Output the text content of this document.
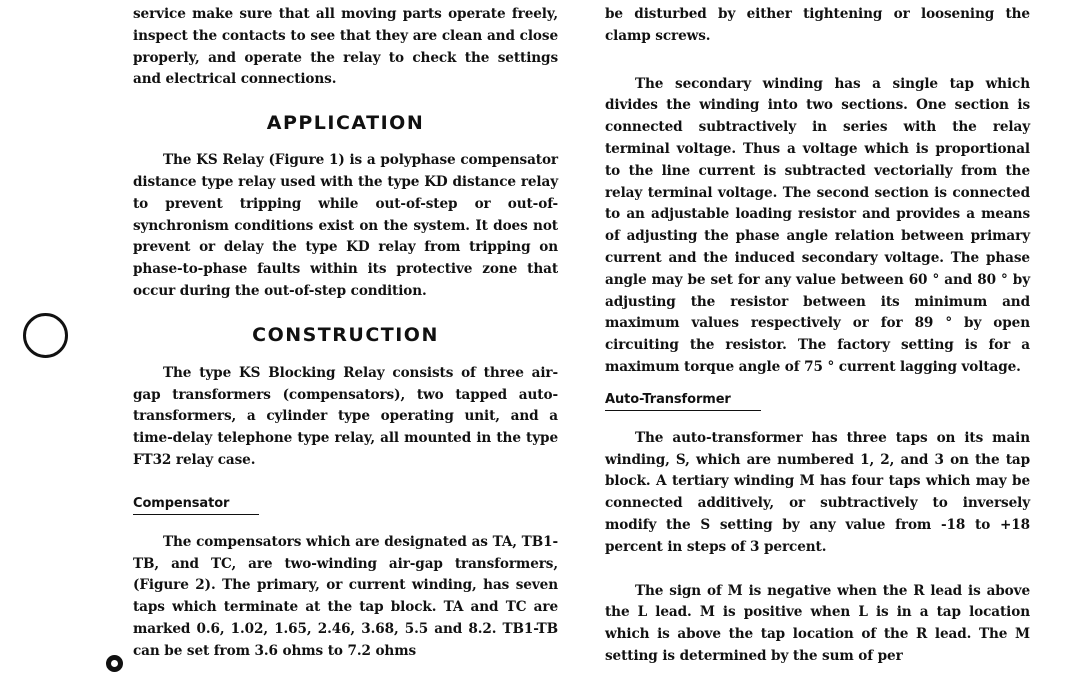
service make sure that all moving parts operate freely, inspect the contacts to see that they are clean and close properly, and operate the relay to check the settings and electrical connections.

APPLICATION

The KS Relay (Figure 1) is a polyphase compensator distance type relay used with the type KD distance relay to prevent tripping while out-of-step or out-of-synchronism conditions exist on the system. It does not prevent or delay the type KD relay from tripping on phase-to-phase faults within its protective zone that occur during the out-of-step condition.

CONSTRUCTION

The type KS Blocking Relay consists of three air-gap transformers (compensators), two tapped auto-transformers, a cylinder type operating unit, and a time-delay telephone type relay, all mounted in the type FT32 relay case.

Compensator

The compensators which are designated as TA, TB1-TB, and TC, are two-winding air-gap transformers, (Figure 2). The primary, or current winding, has seven taps which terminate at the tap block. TA and TC are marked 0.6, 1.02, 1.65, 2.46, 3.68, 5.5 and 8.2. TB1-TB can be set from 3.6 ohms to 7.2 ohms

be disturbed by either tightening or loosening the clamp screws.

The secondary winding has a single tap which divides the winding into two sections. One section is connected subtractively in series with the relay terminal voltage. Thus a voltage which is proportional to the line current is subtracted vectorially from the relay terminal voltage. The second section is connected to an adjustable loading resistor and provides a means of adjusting the phase angle relation between primary current and the induced secondary voltage. The phase angle may be set for any value between 60 ° and 80 ° by adjusting the resistor between its minimum and maximum values respectively or for 89 ° by open circuiting the resistor. The factory setting is for a maximum torque angle of 75 ° current lagging voltage.

Auto-Transformer

The auto-transformer has three taps on its main winding, S, which are numbered 1, 2, and 3 on the tap block. A tertiary winding M has four taps which may be connected additively, or subtractively to inversely modify the S setting by any value from -18 to +18 percent in steps of 3 percent.

The sign of M is negative when the R lead is above the L lead. M is positive when L is in a tap location which is above the tap location of the R lead. The M setting is determined by the sum of per
